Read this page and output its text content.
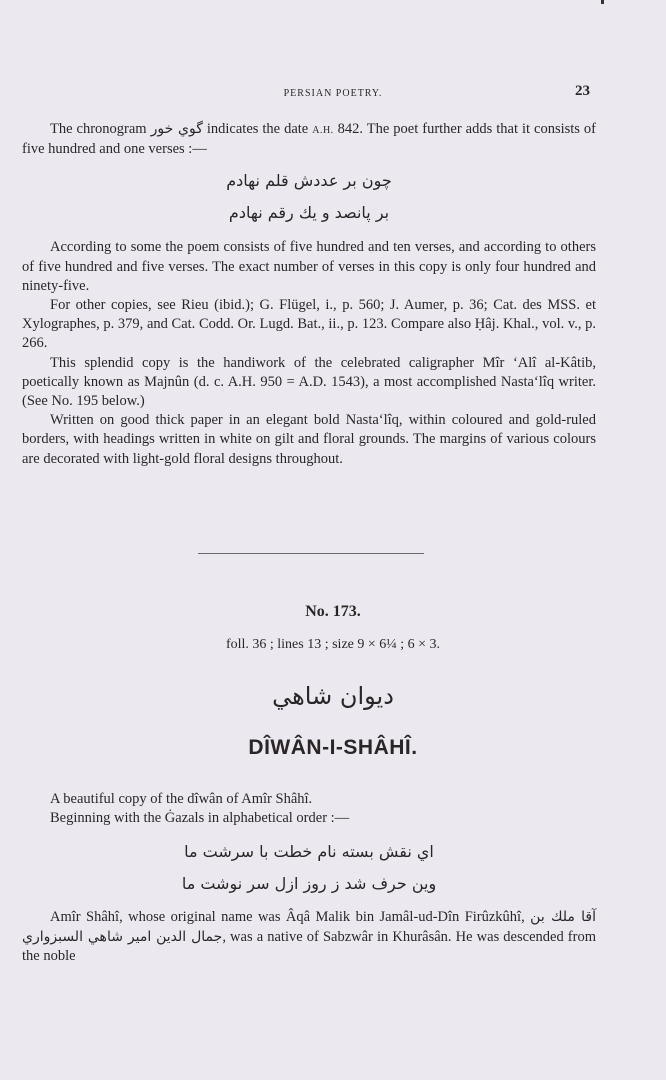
PERSIAN POETRY.	23

The chronogram گوي خور indicates the date A.H. 842. The poet further adds that it consists of five hundred and one verses :—

چون بر عددش قلم نهادم
بر پانصد و يك رقم نهادم

According to some the poem consists of five hundred and ten verses, and according to others of five hundred and five verses. The exact number of verses in this copy is only four hundred and ninety-five.

For other copies, see Rieu (ibid.); G. Flügel, i., p. 560; J. Aumer, p. 36; Cat. des MSS. et Xylographes, p. 379, and Cat. Codd. Or. Lugd. Bat., ii., p. 123. Compare also Ḥâj. Khal., vol. v., p. 266.

This splendid copy is the handiwork of the celebrated caligrapher Mîr ‘Alî al-Kâtib, poetically known as Majnûn (d. c. A.H. 950 = A.D. 1543), a most accomplished Nasta‘lîq writer. (See No. 195 below.)

Written on good thick paper in an elegant bold Nasta‘lîq, within coloured and gold-ruled borders, with headings written in white on gilt and floral grounds. The margins of various colours are decorated with light-gold floral designs throughout.

No. 173.
foll. 36 ; lines 13 ; size 9 × 6¼ ; 6 × 3.
ديوان شاهي
DÎWÂN-I-SHÂHÎ.

A beautiful copy of the dîwân of Amîr Shâhî.

Beginning with the Ġazals in alphabetical order :—

اي نقش بسته نام خطت با سرشت ما
وين حرف شد ز روز ازل سر نوشت ما

Amîr Shâhî, whose original name was Âqâ Malik bin Jamâl-ud-Dîn Firûzkûhî, آقا ملك بن جمال الدين امير شاهي السبزواري, was a native of Sabzwâr in Khurâsân. He was descended from the noble
